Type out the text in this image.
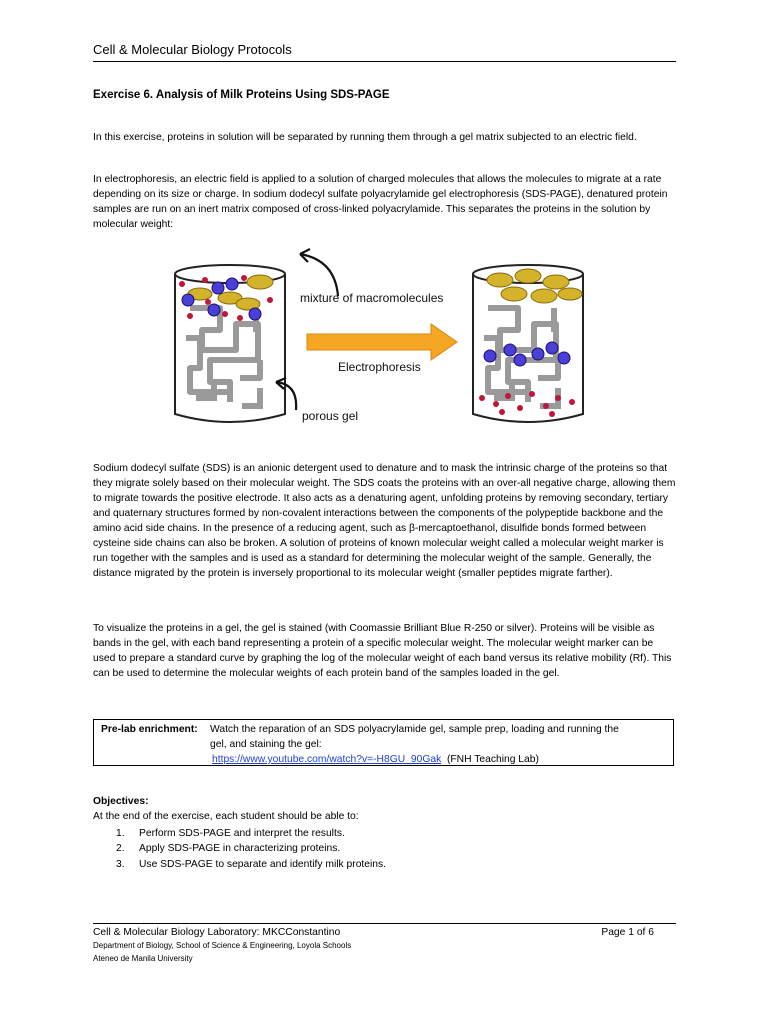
Cell & Molecular Biology Protocols
Exercise 6. Analysis of Milk Proteins Using SDS-PAGE
In this exercise, proteins in solution will be separated by running them through a gel matrix subjected to an electric field.
In electrophoresis, an electric field is applied to a solution of charged molecules that allows the molecules to migrate at a rate depending on its size or charge. In sodium dodecyl sulfate polyacrylamide gel electrophoresis (SDS-PAGE), denatured protein samples are run on an inert matrix composed of cross-linked polyacrylamide. This separates the proteins in the solution by molecular weight:
mixture of macromolecules
Electrophoresis
porous gel
Sodium dodecyl sulfate (SDS) is an anionic detergent used to denature and to mask the intrinsic charge of the proteins so that they migrate solely based on their molecular weight. The SDS coats the proteins with an over-all negative charge, allowing them to migrate towards the positive electrode. It also acts as a denaturing agent, unfolding proteins by removing secondary, tertiary and quaternary structures formed by non-covalent interactions between the components of the polypeptide backbone and the amino acid side chains. In the presence of a reducing agent, such as β-mercaptoethanol, disulfide bonds formed between cysteine side chains can also be broken. A solution of proteins of known molecular weight called a molecular weight marker is run together with the samples and is used as a standard for determining the molecular weight of the sample. Generally, the distance migrated by the protein is inversely proportional to its molecular weight (smaller peptides migrate farther).
To visualize the proteins in a gel, the gel is stained (with Coomassie Brilliant Blue R-250 or silver). Proteins will be visible as bands in the gel, with each band representing a protein of a specific molecular weight. The molecular weight marker can be used to prepare a standard curve by graphing the log of the molecular weight of each band versus its relative mobility (Rf). This can be used to determine the molecular weights of each protein band of the samples loaded in the gel.
Pre-lab enrichment: Watch the reparation of an SDS polyacrylamide gel, sample prep, loading and running the
gel, and staining the gel:
https://www.youtube.com/watch?v=-H8GU_90Gak (FNH Teaching Lab)
Objectives:
At the end of the exercise, each student should be able to:
1. Perform SDS-PAGE and interpret the results.
2. Apply SDS-PAGE in characterizing proteins.
3. Use SDS-PAGE to separate and identify milk proteins.
Cell & Molecular Biology Laboratory: MKCConstantino	Page 1 of 6
Department of Biology, School of Science & Engineering, Loyola Schools
Ateneo de Manila University
